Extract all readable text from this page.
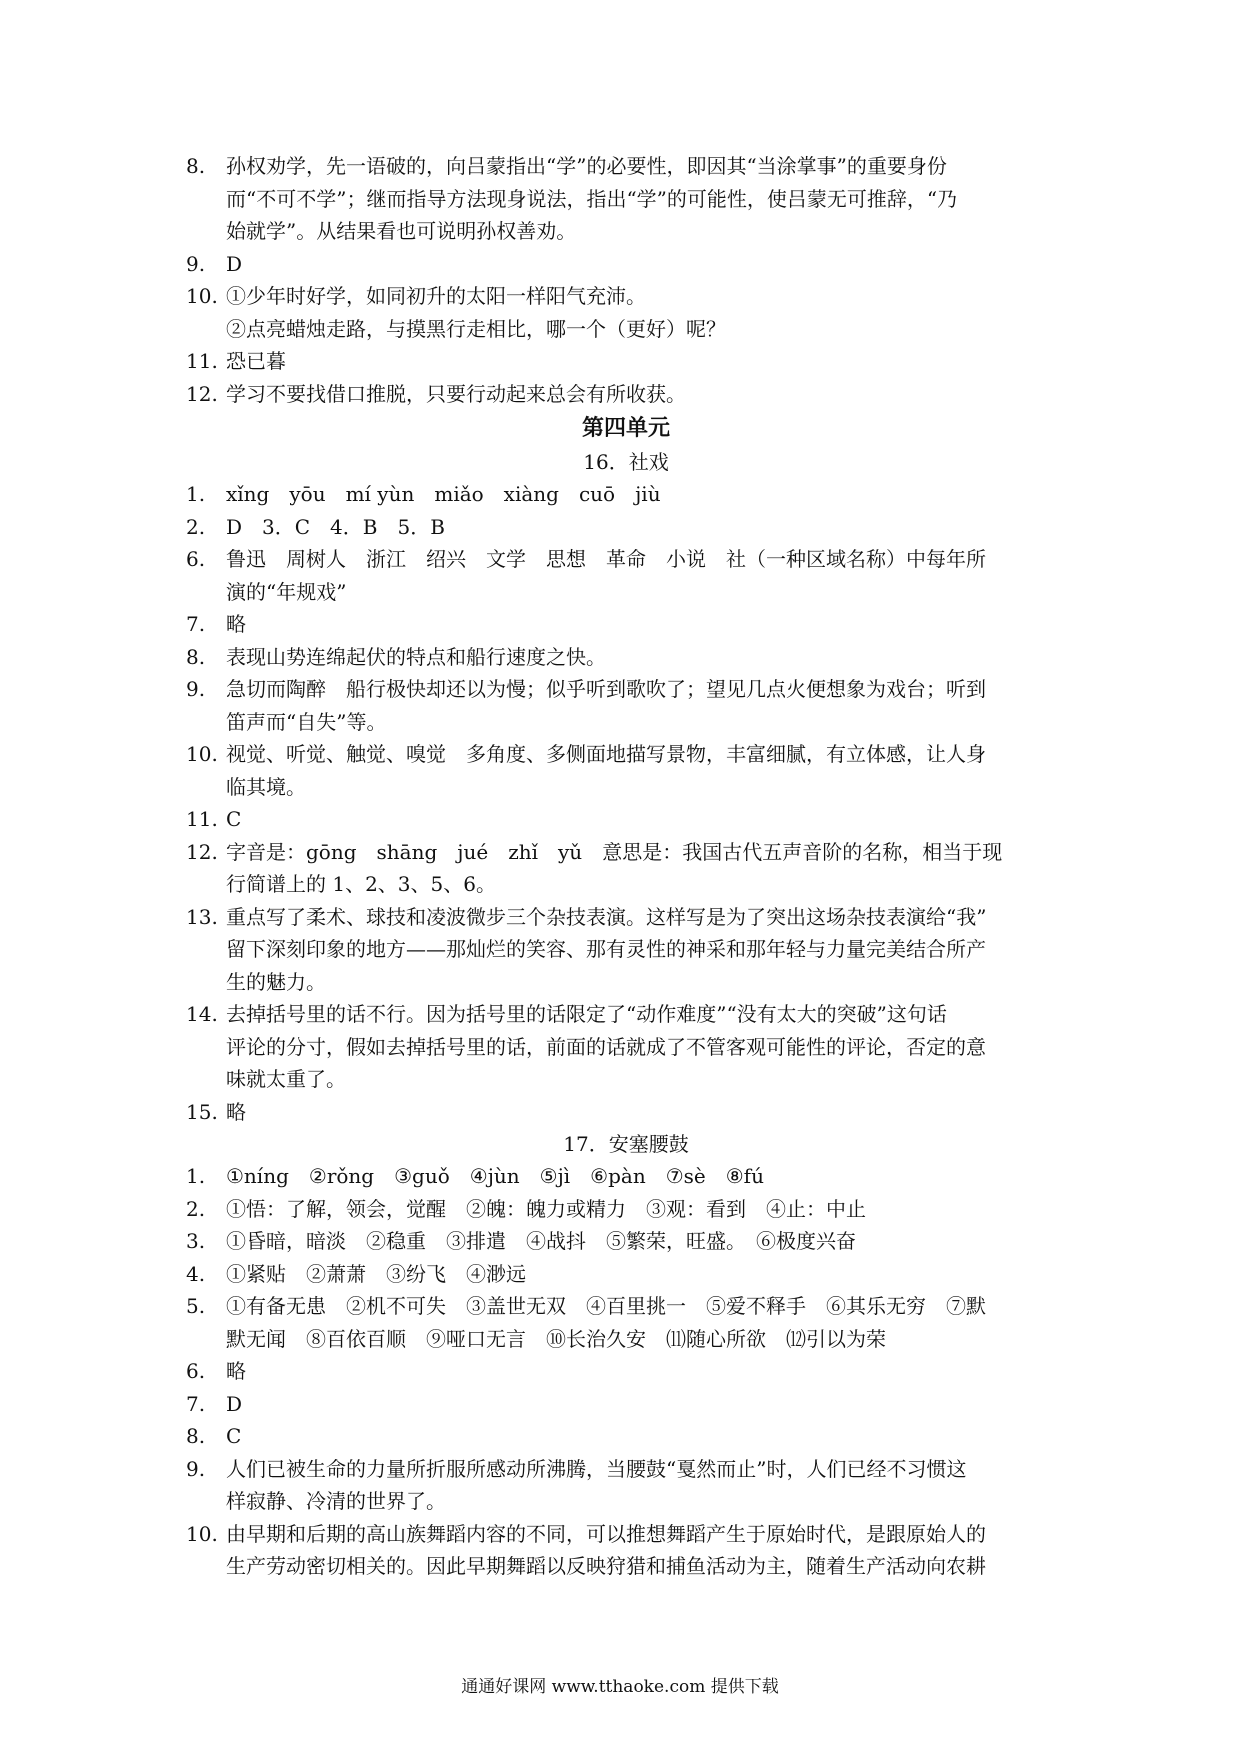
8. 孙权劝学，先一语破的，向吕蒙指出“学”的必要性，即因其“当涂掌事”的重要身份
而“不可不学”；继而指导方法现身说法，指出“学”的可能性，使吕蒙无可推辞，“乃
始就学”。从结果看也可说明孙权善劝。
9. D
10. ①少年时好学，如同初升的太阳一样阳气充沛。
②点亮蜡烛走路，与摸黑行走相比，哪一个（更好）呢？
11. 恐已暮
12. 学习不要找借口推脱，只要行动起来总会有所收获。
第四单元
16．社戏
1. xǐng　yōu　mí yùn　miǎo　xiàng　cuō　jiù
2. D　3．C　4．B　5．B
6. 鲁迅　周树人　浙江　绍兴　文学　思想　革命　小说　社（一种区域名称）中每年所
演的“年规戏”
7. 略
8. 表现山势连绵起伏的特点和船行速度之快。
9. 急切而陶醉　船行极快却还以为慢；似乎听到歌吹了；望见几点火便想象为戏台；听到
笛声而“自失”等。
10. 视觉、听觉、触觉、嗅觉　多角度、多侧面地描写景物，丰富细腻，有立体感，让人身
临其境。
11. C
12. 字音是：gōng　shāng　jué　zhǐ　yǔ　意思是：我国古代五声音阶的名称，相当于现
行简谱上的 1、2、3、5、6。
13. 重点写了柔术、球技和凌波微步三个杂技表演。这样写是为了突出这场杂技表演给“我”
留下深刻印象的地方——那灿烂的笑容、那有灵性的神采和那年轻与力量完美结合所产
生的魅力。
14. 去掉括号里的话不行。因为括号里的话限定了“动作难度”“没有太大的突破”这句话
评论的分寸，假如去掉括号里的话，前面的话就成了不管客观可能性的评论，否定的意
味就太重了。
15. 略
17．安塞腰鼓
1. ①níng　②rǒng　③guǒ　④jùn　⑤jì　⑥pàn　⑦sè　⑧fú
2. ①悟：了解，领会，觉醒　②魄：魄力或精力　③观：看到　④止：中止
3. ①昏暗，暗淡　②稳重　③排遣　④战抖　⑤繁荣，旺盛。　⑥极度兴奋
4. ①紧贴　②萧萧　③纷飞　④渺远
5. ①有备无患　②机不可失　③盖世无双　④百里挑一　⑤爱不释手　⑥其乐无穷　⑦默
默无闻　⑧百依百顺　⑨哑口无言　⑩长治久安　⑾随心所欲　⑿引以为荣
6. 略
7. D
8. C
9. 人们已被生命的力量所折服所感动所沸腾，当腰鼓“戛然而止”时，人们已经不习惯这
样寂静、冷清的世界了。
10. 由早期和后期的高山族舞蹈内容的不同，可以推想舞蹈产生于原始时代，是跟原始人的
生产劳动密切相关的。因此早期舞蹈以反映狩猎和捕鱼活动为主，随着生产活动向农耕
通通好课网 www.tthaoke.com 提供下载
